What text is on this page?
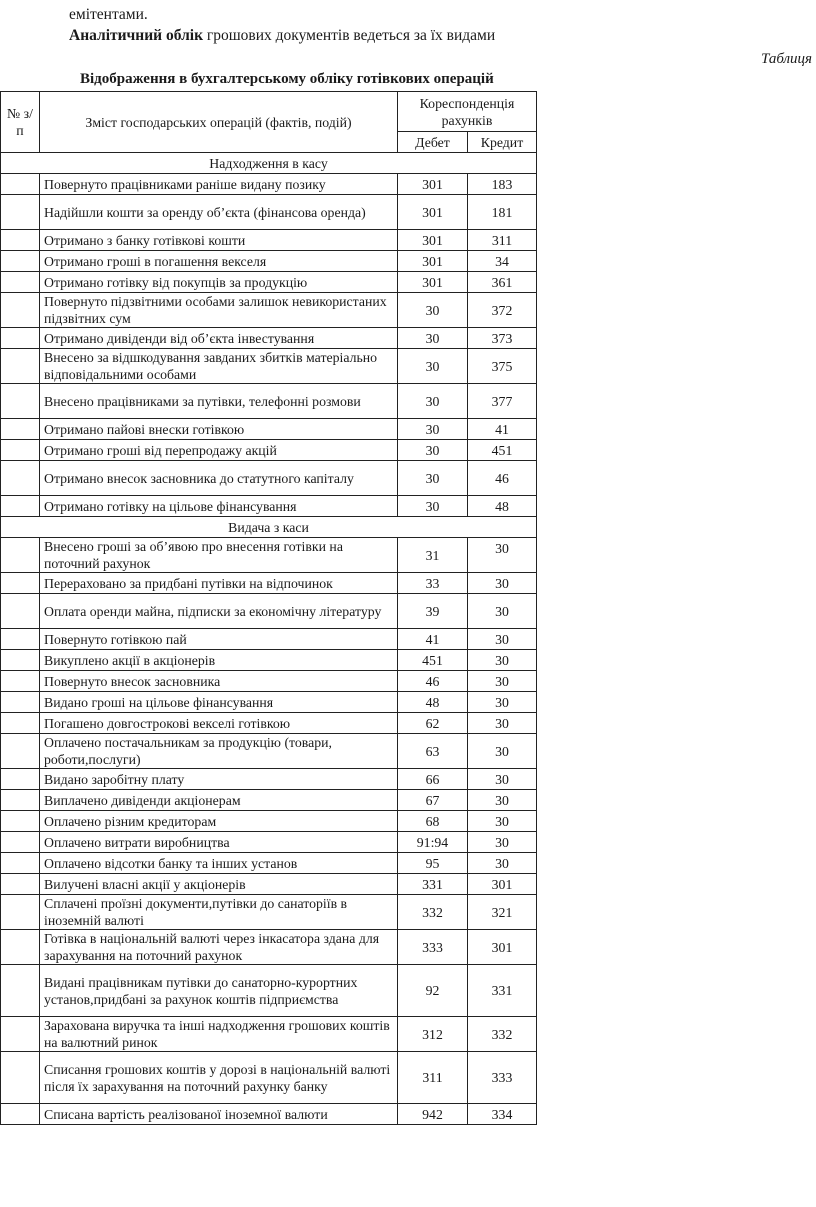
емітентами.
Аналітичний облік грошових документів ведеться за їх видами
Таблиця
Відображення в бухгалтерському обліку готівкових операцій
№ з/п	Зміст господарських операцій (фактів, подій)	Кореспонденція рахунків	
		Дебет	Кредит
Надходження в касу			
	Повернуто працівниками раніше видану позику	301	183
	Надійшли кошти за оренду об’єкта (фінансова оренда)	301	181
	Отримано з банку готівкові кошти	301	311
	Отримано гроші в погашення векселя	301	34
	Отримано готівку від покупців за продукцію	301	361
	Повернуто підзвітними особами залишок невикористаних підзвітних сум	30	372
	Отримано дивіденди від об’єкта інвестування	30	373
	Внесено за відшкодування завданих збитків матеріально відповідальними особами	30	375
	Внесено працівниками за путівки, телефонні розмови	30	377
	Отримано пайові внески готівкою	30	41
	Отримано гроші від перепродажу акцій	30	451
	Отримано внесок засновника до статутного капіталу	30	46
	Отримано готівку на цільове фінансування	30	48
Видача з каси			
	Внесено гроші за об’явою про внесення готівки на поточний рахунок	31	30
	Перераховано за придбані путівки на відпочинок	33	30
	Оплата оренди майна, підписки за економічну літературу	39	30
	Повернуто готівкою пай	41	30
	Викуплено акції в акціонерів	451	30
	Повернуто внесок засновника	46	30
	Видано гроші на цільове фінансування	48	30
	Погашено довгострокові векселі готівкою	62	30
	Оплачено постачальникам за продукцію (товари, роботи,послуги)	63	30
	Видано заробітну плату	66	30
	Виплачено дивіденди акціонерам	67	30
	Оплачено різним кредиторам	68	30
	Оплачено витрати виробництва	91:94	30
	Оплачено відсотки банку та інших установ	95	30
	Вилучені власні акції у акціонерів	331	301
	Сплачені проїзні документи,путівки до санаторіїв в іноземній валюті	332	321
	Готівка в національній валюті через інкасатора здана для зарахування на поточний рахунок	333	301
	Видані працівникам путівки до санаторно-курортних установ,придбані за рахунок коштів підприємства	92	331
	Зарахована виручка та інші надходження грошових коштів на валютний ринок	312	332
	Списання грошових коштів у дорозі в національній валюті після їх зарахування на поточний рахунку банку	311	333
	Списана вартість реалізованої іноземної валюти	942	334
